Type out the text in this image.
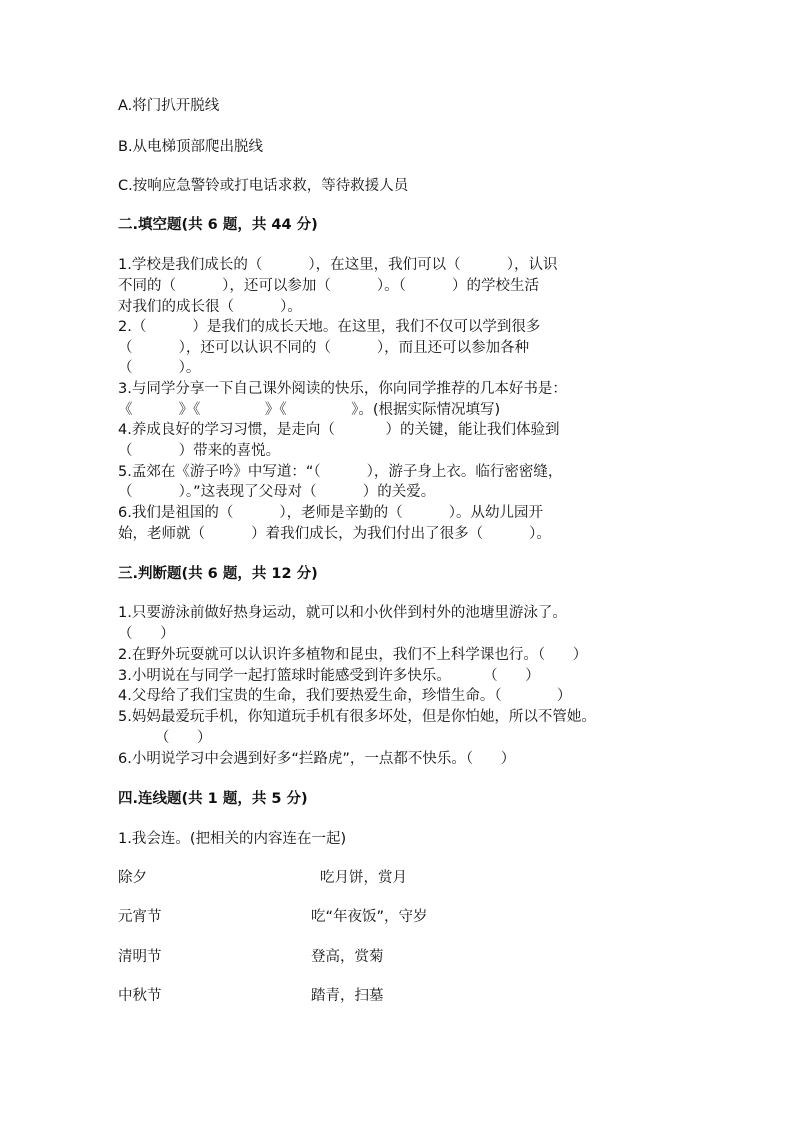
A.将门扒开脱线

B.从电梯顶部爬出脱线

C.按响应急警铃或打电话求救，等待救援人员

二.填空题(共 6 题，共 44 分)

1.学校是我们成长的（          ），在这里，我们可以（          ），认识

不同的（          ），还可以参加（          ）。（          ）的学校生活

对我们的成长很（          ）。

2.（          ）是我们的成长天地。在这里，我们不仅可以学到很多

（          ），还可以认识不同的（          ），而且还可以参加各种

（          ）。

3.与同学分享一下自己课外阅读的快乐，你向同学推荐的几本好书是：

《          》《              》《              》。(根据实际情况填写)

4.养成良好的学习习惯，是走向（           ）的关键，能让我们体验到

（          ）带来的喜悦。

5.孟郊在《游子吟》中写道：“（          ），游子身上衣。临行密密缝，

（          ）。”这表现了父母对（          ）的关爱。

6.我们是祖国的（          ），老师是辛勤的（          ）。从幼儿园开

始，老师就（          ）着我们成长，为我们付出了很多（          ）。

三.判断题(共 6 题，共 12 分)

1.只要游泳前做好热身运动，就可以和小伙伴到村外的池塘里游泳了。

（      ）

2.在野外玩耍就可以认识许多植物和昆虫，我们不上科学课也行。（      ）

3.小明说在与同学一起打篮球时能感受到许多快乐。       （      ）

4.父母给了我们宝贵的生命，我们要热爱生命，珍惜生命。（            ）

5.妈妈最爱玩手机，你知道玩手机有很多坏处，但是你怕她，所以不管她。

（      ）

6.小明说学习中会遇到好多“拦路虎”，一点都不快乐。（      ）

四.连线题(共 1 题，共 5 分)

1.我会连。(把相关的内容连在一起)

除夕	吃月饼，赏月

元宵节	吃“年夜饭”，守岁

清明节	登高，赏菊

中秋节	踏青，扫墓
